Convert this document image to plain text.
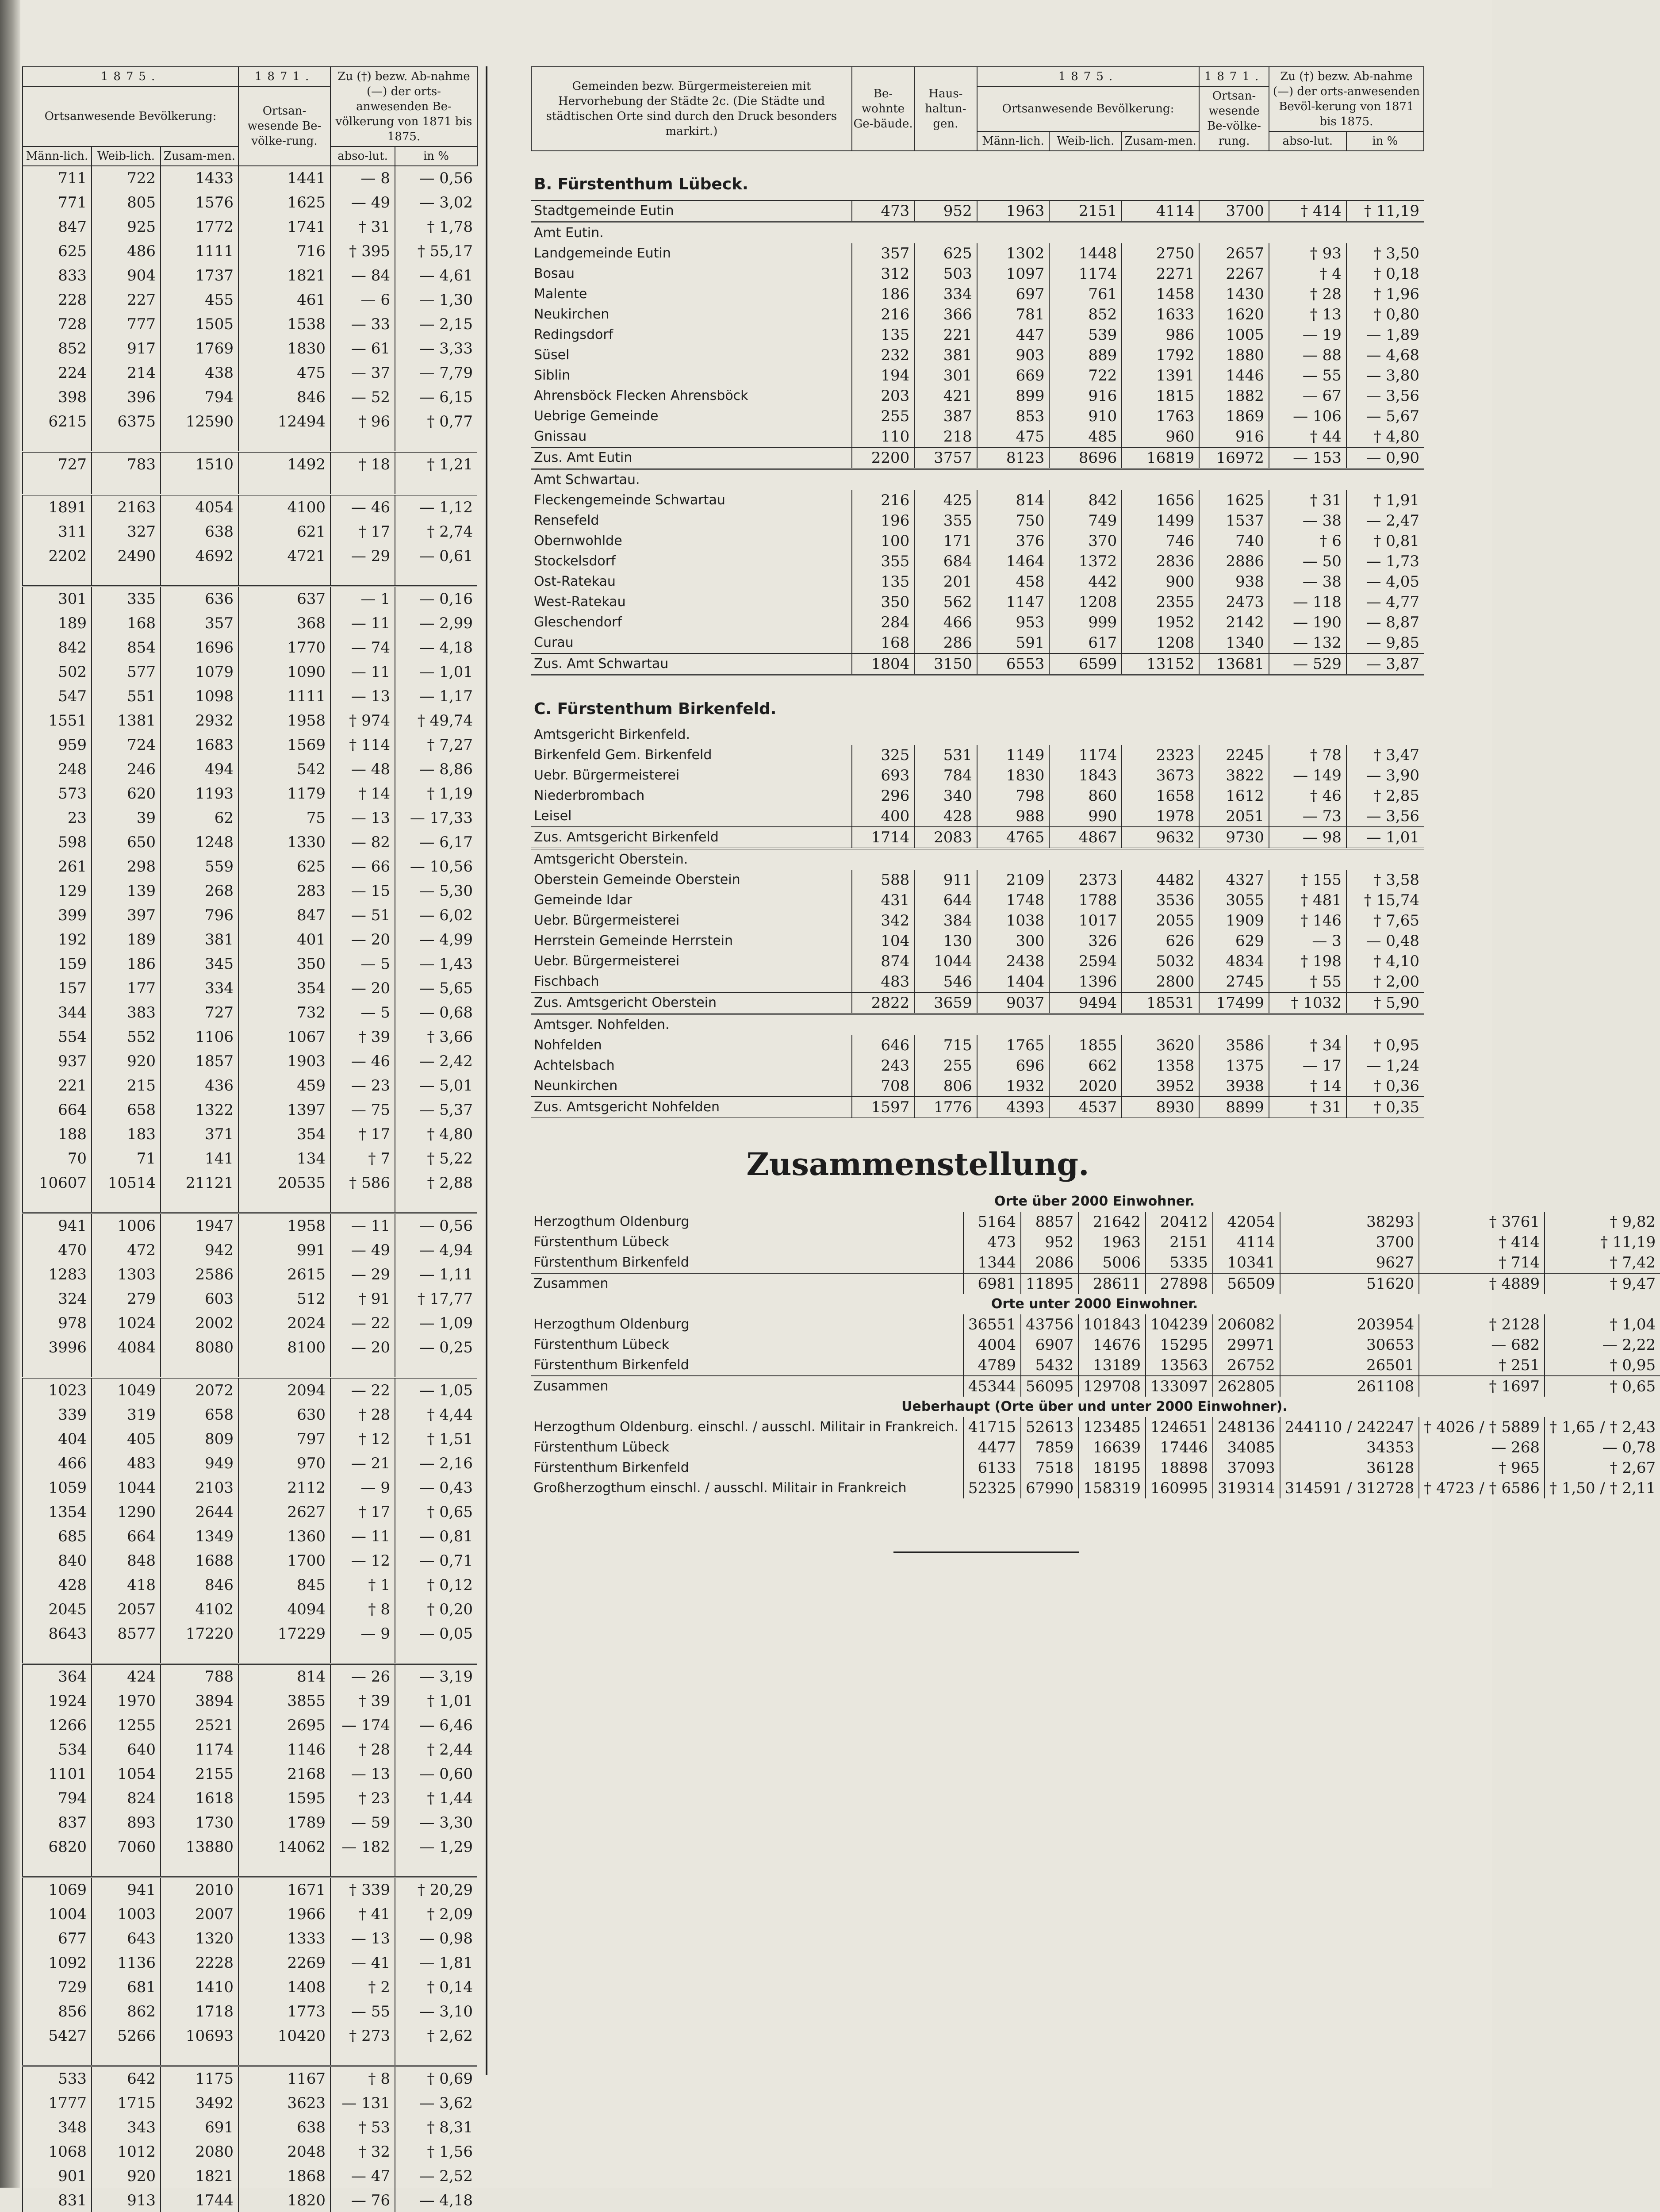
1875.			1871.	Zu (†) bezw. Ab-nahme (—) der orts-anwesenden Be-völkerung von 1871 bis 1875.	
Ortsanwesende Bevölkerung:			Ortsan-wesende Be-völke-rung.		
Männ-lich.	Weib-lich.	Zusam-men.		abso-lut.	in %
711	722	1433	1441	— 8	— 0,56
771	805	1576	1625	— 49	— 3,02
847	925	1772	1741	† 31	† 1,78
625	486	1111	716	† 395	† 55,17
833	904	1737	1821	— 84	— 4,61
228	227	455	461	— 6	— 1,30
728	777	1505	1538	— 33	— 2,15
852	917	1769	1830	— 61	— 3,33
224	214	438	475	— 37	— 7,79
398	396	794	846	— 52	— 6,15
6215	6375	12590	12494	† 96	† 0,77

727	783	1510	1492	† 18	† 1,21

1891	2163	4054	4100	— 46	— 1,12
311	327	638	621	† 17	† 2,74
2202	2490	4692	4721	— 29	— 0,61

301	335	636	637	— 1	— 0,16
189	168	357	368	— 11	— 2,99
842	854	1696	1770	— 74	— 4,18
502	577	1079	1090	— 11	— 1,01
547	551	1098	1111	— 13	— 1,17
1551	1381	2932	1958	† 974	† 49,74
959	724	1683	1569	† 114	† 7,27
248	246	494	542	— 48	— 8,86
573	620	1193	1179	† 14	† 1,19
23	39	62	75	— 13	— 17,33
598	650	1248	1330	— 82	— 6,17
261	298	559	625	— 66	— 10,56
129	139	268	283	— 15	— 5,30
399	397	796	847	— 51	— 6,02
192	189	381	401	— 20	— 4,99
159	186	345	350	— 5	— 1,43
157	177	334	354	— 20	— 5,65
344	383	727	732	— 5	— 0,68
554	552	1106	1067	† 39	† 3,66
937	920	1857	1903	— 46	— 2,42
221	215	436	459	— 23	— 5,01
664	658	1322	1397	— 75	— 5,37
188	183	371	354	† 17	† 4,80
70	71	141	134	† 7	† 5,22
10607	10514	21121	20535	† 586	† 2,88

941	1006	1947	1958	— 11	— 0,56
470	472	942	991	— 49	— 4,94
1283	1303	2586	2615	— 29	— 1,11
324	279	603	512	† 91	† 17,77
978	1024	2002	2024	— 22	— 1,09
3996	4084	8080	8100	— 20	— 0,25

1023	1049	2072	2094	— 22	— 1,05
339	319	658	630	† 28	† 4,44
404	405	809	797	† 12	† 1,51
466	483	949	970	— 21	— 2,16
1059	1044	2103	2112	— 9	— 0,43
1354	1290	2644	2627	† 17	† 0,65
685	664	1349	1360	— 11	— 0,81
840	848	1688	1700	— 12	— 0,71
428	418	846	845	† 1	† 0,12
2045	2057	4102	4094	† 8	† 0,20
8643	8577	17220	17229	— 9	— 0,05

364	424	788	814	— 26	— 3,19
1924	1970	3894	3855	† 39	† 1,01
1266	1255	2521	2695	— 174	— 6,46
534	640	1174	1146	† 28	† 2,44
1101	1054	2155	2168	— 13	— 0,60
794	824	1618	1595	† 23	† 1,44
837	893	1730	1789	— 59	— 3,30
6820	7060	13880	14062	— 182	— 1,29

1069	941	2010	1671	† 339	† 20,29
1004	1003	2007	1966	† 41	† 2,09
677	643	1320	1333	— 13	— 0,98
1092	1136	2228	2269	— 41	— 1,81
729	681	1410	1408	† 2	† 0,14
856	862	1718	1773	— 55	— 3,10
5427	5266	10693	10420	† 273	† 2,62

533	642	1175	1167	† 8	† 0,69
1777	1715	3492	3623	— 131	— 3,62
348	343	691	638	† 53	† 8,31
1068	1012	2080	2048	† 32	† 1,56
901	920	1821	1868	— 47	— 2,52
831	913	1744	1820	— 76	— 4,18

Gemeinden bezw. Bürgermeistereien mit Hervorhebung der Städte 2c. (Die Städte und städtischen Orte sind durch den Druck besonders markirt.)	Be-wohnte Ge-bäude.	Haus-haltun-gen.	1875.			1871.	Zu (†) bezw. Ab-nahme (—) der orts-anwesenden Bevöl-kerung von 1871 bis 1875.	
			Ortsanwesende Bevölkerung:			Ortsan-wesende Be-völke-rung.		
			Männ-lich.	Weib-lich.	Zusam-men.		abso-lut.	in %
B. Fürstenthum Lübeck.								
Stadtgemeinde Eutin	473	952	1963	2151	4114	3700	† 414	† 11,19
Amt Eutin.								
Landgemeinde Eutin	357	625	1302	1448	2750	2657	† 93	† 3,50
Bosau	312	503	1097	1174	2271	2267	† 4	† 0,18
Malente	186	334	697	761	1458	1430	† 28	† 1,96
Neukirchen	216	366	781	852	1633	1620	† 13	† 0,80
Redingsdorf	135	221	447	539	986	1005	— 19	— 1,89
Süsel	232	381	903	889	1792	1880	— 88	— 4,68
Siblin	194	301	669	722	1391	1446	— 55	— 3,80
Ahrensböck Flecken Ahrensböck	203	421	899	916	1815	1882	— 67	— 3,56
Uebrige Gemeinde	255	387	853	910	1763	1869	— 106	— 5,67
Gnissau	110	218	475	485	960	916	† 44	† 4,80
Zus. Amt Eutin	2200	3757	8123	8696	16819	16972	— 153	— 0,90
Amt Schwartau.								
Fleckengemeinde Schwartau	216	425	814	842	1656	1625	† 31	† 1,91
Rensefeld	196	355	750	749	1499	1537	— 38	— 2,47
Obernwohlde	100	171	376	370	746	740	† 6	† 0,81
Stockelsdorf	355	684	1464	1372	2836	2886	— 50	— 1,73
Ost-Ratekau	135	201	458	442	900	938	— 38	— 4,05
West-Ratekau	350	562	1147	1208	2355	2473	— 118	— 4,77
Gleschendorf	284	466	953	999	1952	2142	— 190	— 8,87
Curau	168	286	591	617	1208	1340	— 132	— 9,85
Zus. Amt Schwartau	1804	3150	6553	6599	13152	13681	— 529	— 3,87
C. Fürstenthum Birkenfeld.								
Amtsgericht Birkenfeld.								
Birkenfeld Gem. Birkenfeld	325	531	1149	1174	2323	2245	† 78	† 3,47
Uebr. Bürgermeisterei	693	784	1830	1843	3673	3822	— 149	— 3,90
Niederbrombach	296	340	798	860	1658	1612	† 46	† 2,85
Leisel	400	428	988	990	1978	2051	— 73	— 3,56
Zus. Amtsgericht Birkenfeld	1714	2083	4765	4867	9632	9730	— 98	— 1,01
Amtsgericht Oberstein.								
Oberstein Gemeinde Oberstein	588	911	2109	2373	4482	4327	† 155	† 3,58
Gemeinde Idar	431	644	1748	1788	3536	3055	† 481	† 15,74
Uebr. Bürgermeisterei	342	384	1038	1017	2055	1909	† 146	† 7,65
Herrstein Gemeinde Herrstein	104	130	300	326	626	629	— 3	— 0,48
Uebr. Bürgermeisterei	874	1044	2438	2594	5032	4834	† 198	† 4,10
Fischbach	483	546	1404	1396	2800	2745	† 55	† 2,00
Zus. Amtsgericht Oberstein	2822	3659	9037	9494	18531	17499	† 1032	† 5,90
Amtsger. Nohfelden.								
Nohfelden	646	715	1765	1855	3620	3586	† 34	† 0,95
Achtelsbach	243	255	696	662	1358	1375	— 17	— 1,24
Neunkirchen	708	806	1932	2020	3952	3938	† 14	† 0,36
Zus. Amtsgericht Nohfelden	1597	1776	4393	4537	8930	8899	† 31	† 0,35
Zusammenstellung.
Orte über 2000 Einwohner.								
Herzogthum Oldenburg	5164	8857	21642	20412	42054	38293	† 3761	† 9,82
Fürstenthum Lübeck	473	952	1963	2151	4114	3700	† 414	† 11,19
Fürstenthum Birkenfeld	1344	2086	5006	5335	10341	9627	† 714	† 7,42
Zusammen	6981	11895	28611	27898	56509	51620	† 4889	† 9,47
Orte unter 2000 Einwohner.								
Herzogthum Oldenburg	36551	43756	101843	104239	206082	203954	† 2128	† 1,04
Fürstenthum Lübeck	4004	6907	14676	15295	29971	30653	— 682	— 2,22
Fürstenthum Birkenfeld	4789	5432	13189	13563	26752	26501	† 251	† 0,95
Zusammen	45344	56095	129708	133097	262805	261108	† 1697	† 0,65
Ueberhaupt (Orte über und unter 2000 Einwohner).								
Herzogthum Oldenburg. einschl. / ausschl. Militair in Frankreich.	41715	52613	123485	124651	248136	244110 / 242247	† 4026 / † 5889	† 1,65 / † 2,43
Fürstenthum Lübeck	4477	7859	16639	17446	34085	34353	— 268	— 0,78
Fürstenthum Birkenfeld	6133	7518	18195	18898	37093	36128	† 965	† 2,67
Großherzogthum einschl. / ausschl. Militair in Frankreich	52325	67990	158319	160995	319314	314591 / 312728	† 4723 / † 6586	† 1,50 / † 2,11
